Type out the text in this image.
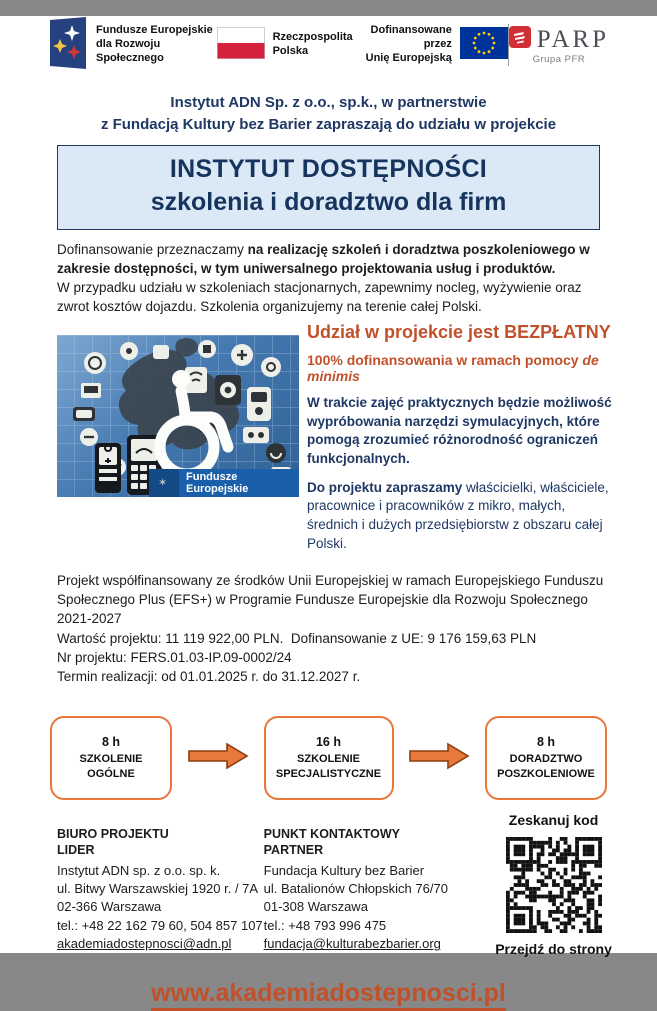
Fundusze Europejskie
dla Rozwoju Społecznego
Rzeczpospolita
Polska
Dofinansowane przez
Unię Europejską
PARP
Grupa PFR
Instytut ADN Sp. z o.o., sp.k., w partnerstwie
z Fundacją Kultury bez Barier zapraszają do udziału w projekcie
INSTYTUT DOSTĘPNOŚCI
szkolenia i doradztwo dla firm
Dofinansowanie przeznaczamy na realizację szkoleń i doradztwa poszkoleniowego w zakresie dostępności, w tym uniwersalnego projektowania usług i produktów.
W przypadku udziału w szkoleniach stacjonarnych, zapewnimy nocleg, wyżywienie oraz zwrot kosztów dojazdu. Szkolenia organizujemy na terenie całej Polski.
✶
Fundusze Europejskie
Udział w projekcie jest BEZPŁATNY
100% dofinansowania w ramach pomocy de minimis
W trakcie zajęć praktycznych będzie możliwość wypróbowania narzędzi symulacyjnych, które pomogą zrozumieć różnorodność ograniczeń funkcjonalnych.
Do projektu zapraszamy właścicielki, właściciele, pracownice i pracowników z mikro, małych, średnich i dużych przedsiębiorstw z obszaru całej Polski.
Projekt współfinansowany ze środków Unii Europejskiej w ramach Europejskiego Funduszu Społecznego Plus (EFS+) w Programie Fundusze Europejskie dla Rozwoju Społecznego 2021-2027
Wartość projektu: 11 119 922,00 PLN.  Dofinansowanie z UE: 9 176 159,63 PLN
Nr projektu: FERS.01.03-IP.09-0002/24
Termin realizacji: od 01.01.2025 r. do 31.12.2027 r.
8 h
SZKOLENIE
OGÓLNE
16 h
SZKOLENIE
SPECJALISTYCZNE
8 h
DORADZTWO
POSZKOLENIOWE
BIURO PROJEKTU
LIDER
Instytut ADN sp. z o.o. sp. k.
ul. Bitwy Warszawskiej 1920 r. / 7A
02-366 Warszawa
tel.: +48 22 162 79 60, 504 857 107
akademiadostepnosci@adn.pl
PUNKT KONTAKTOWY
PARTNER
Fundacja Kultury bez Barier
ul. Batalionów Chłopskich 76/70
01-308 Warszawa
tel.: +48 793 996 475
fundacja@kulturabezbarier.org
Zeskanuj kod
Przejdź do strony
www.akademiadostepnosci.pl
